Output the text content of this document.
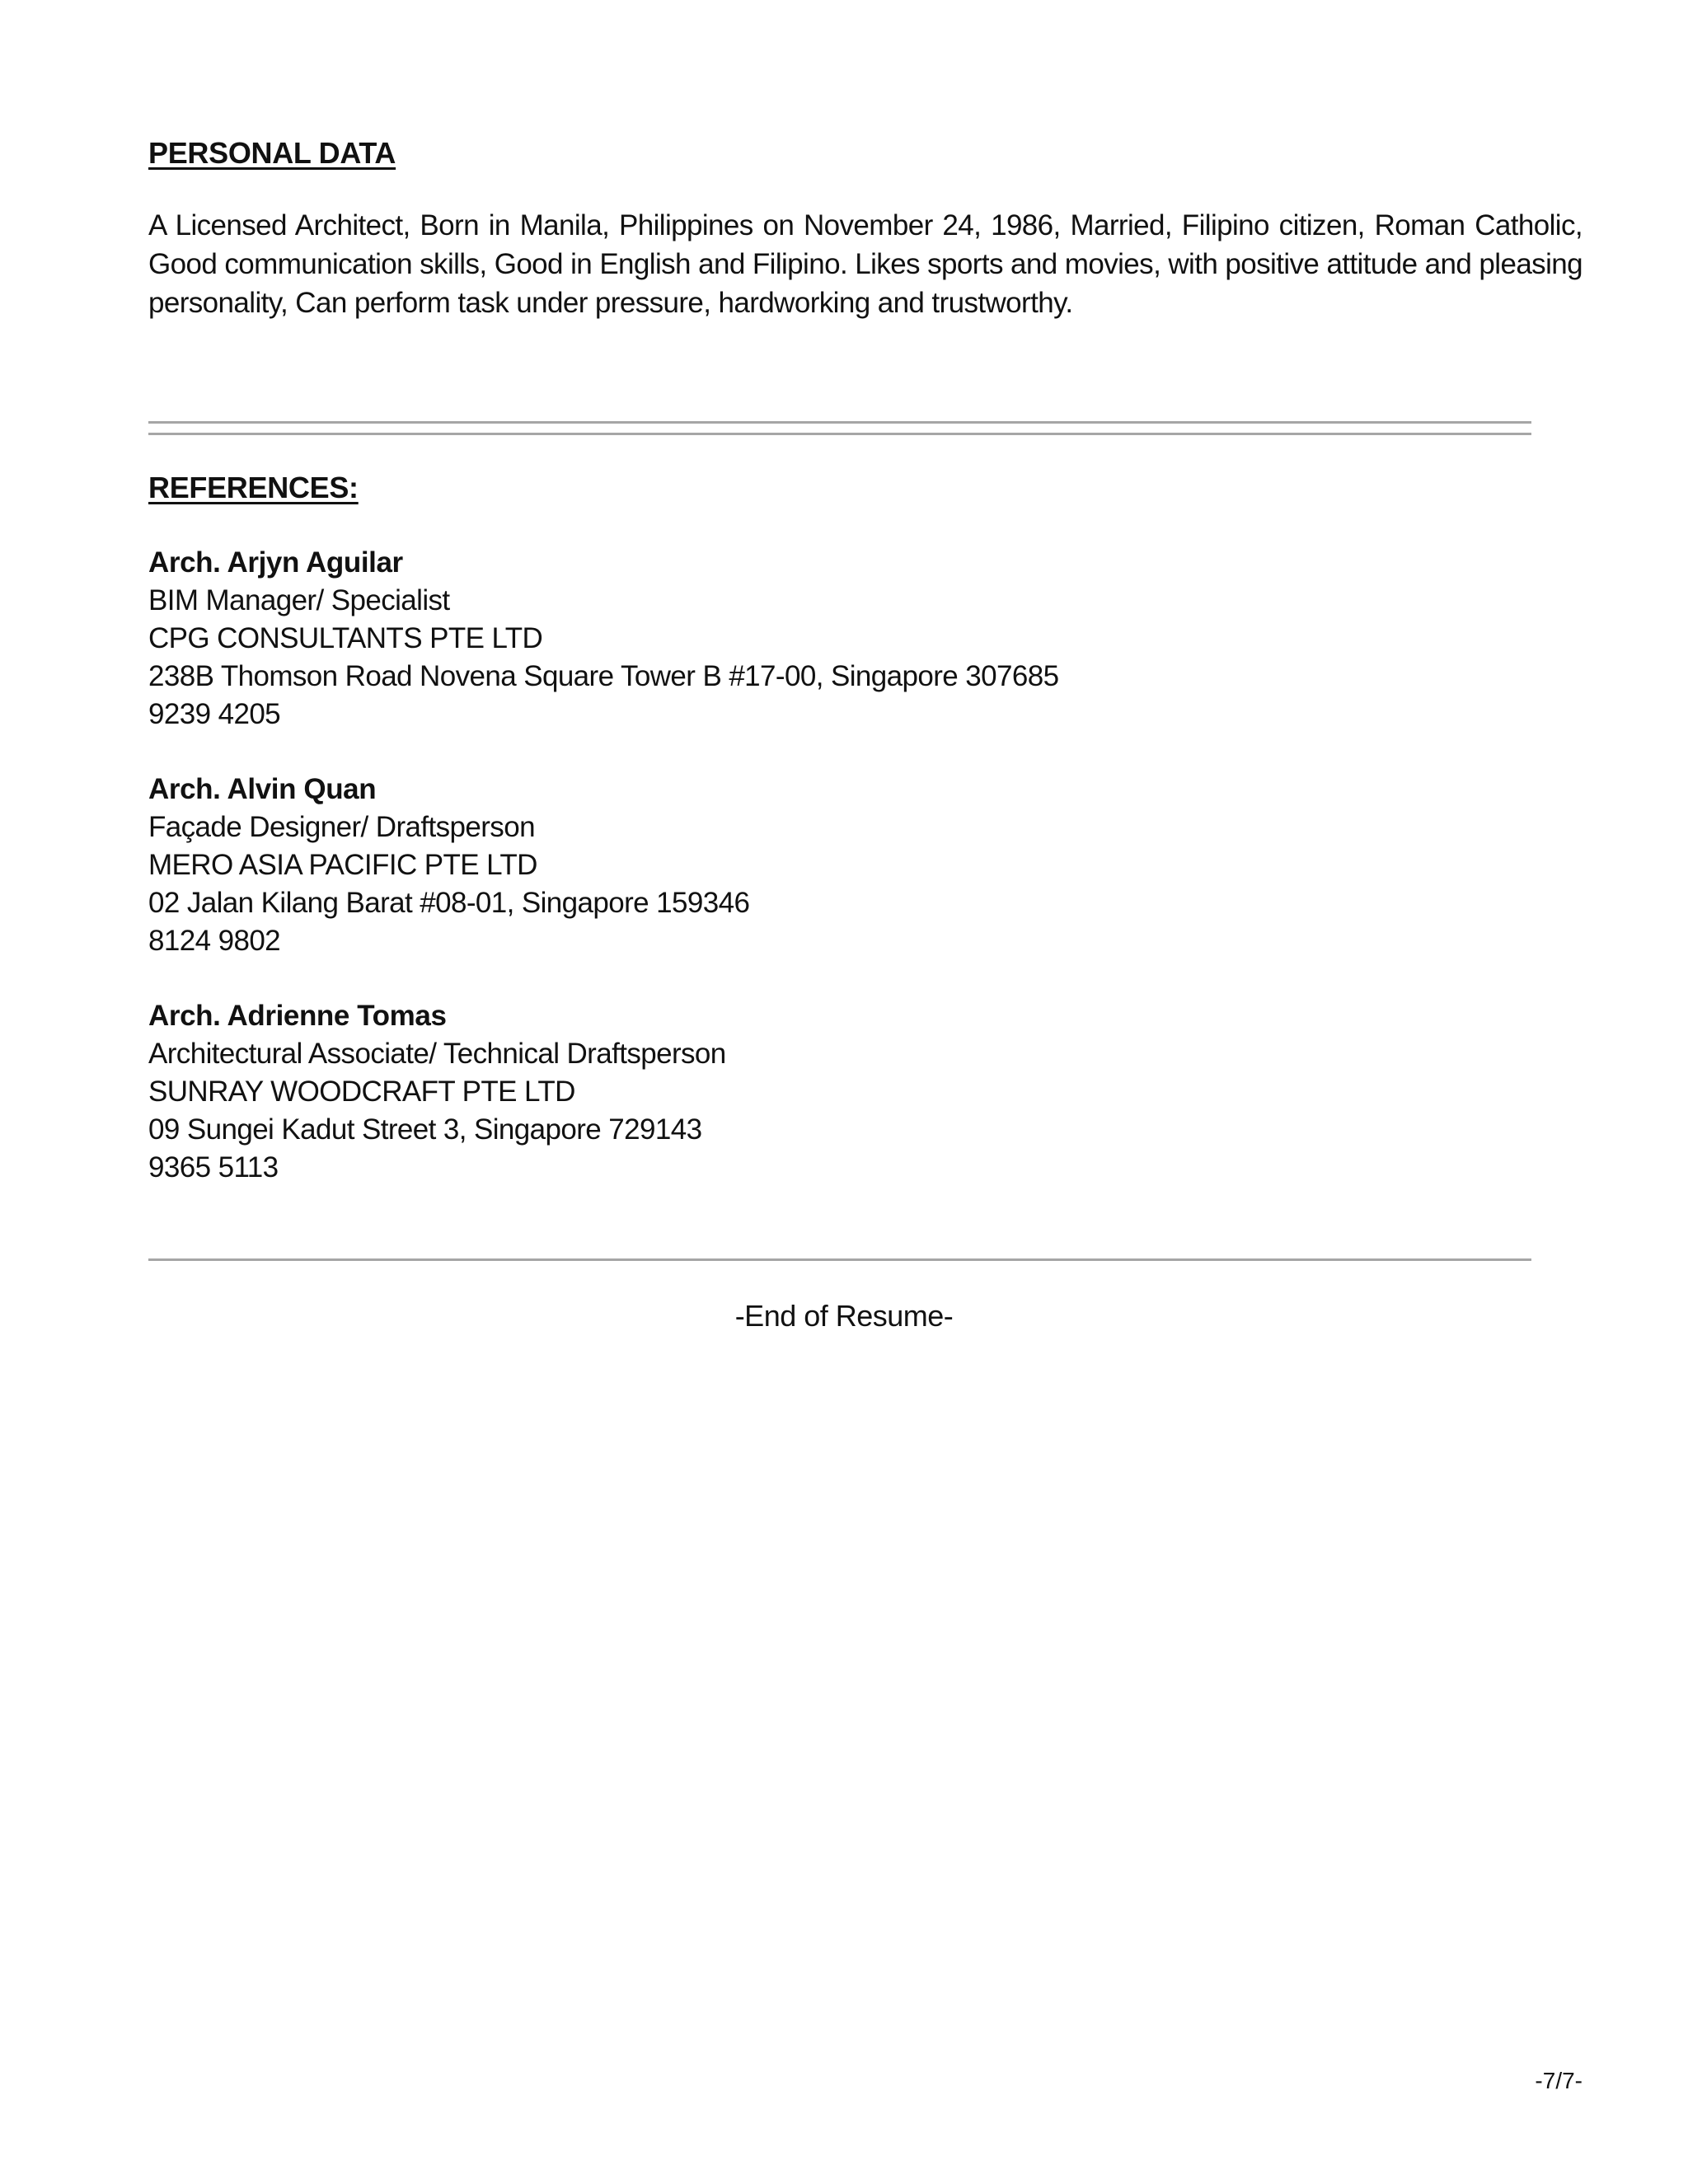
PERSONAL DATA

A Licensed Architect, Born in Manila, Philippines on November 24, 1986, Married, Filipino citizen, Roman Catholic, Good communication skills, Good in English and Filipino. Likes sports and movies, with positive attitude and pleasing personality, Can perform task under pressure, hardworking and trustworthy.

REFERENCES:
Arch. Arjyn Aguilar
BIM Manager/ Specialist
CPG CONSULTANTS PTE LTD
238B Thomson Road Novena Square Tower B #17-00, Singapore 307685
9239 4205
Arch. Alvin Quan
Façade Designer/ Draftsperson
MERO ASIA PACIFIC PTE LTD
02 Jalan Kilang Barat #08-01, Singapore 159346
8124 9802
Arch. Adrienne Tomas
Architectural Associate/ Technical Draftsperson
SUNRAY WOODCRAFT PTE LTD
09 Sungei Kadut Street 3, Singapore 729143
9365 5113
-End of Resume-
-7/7-
